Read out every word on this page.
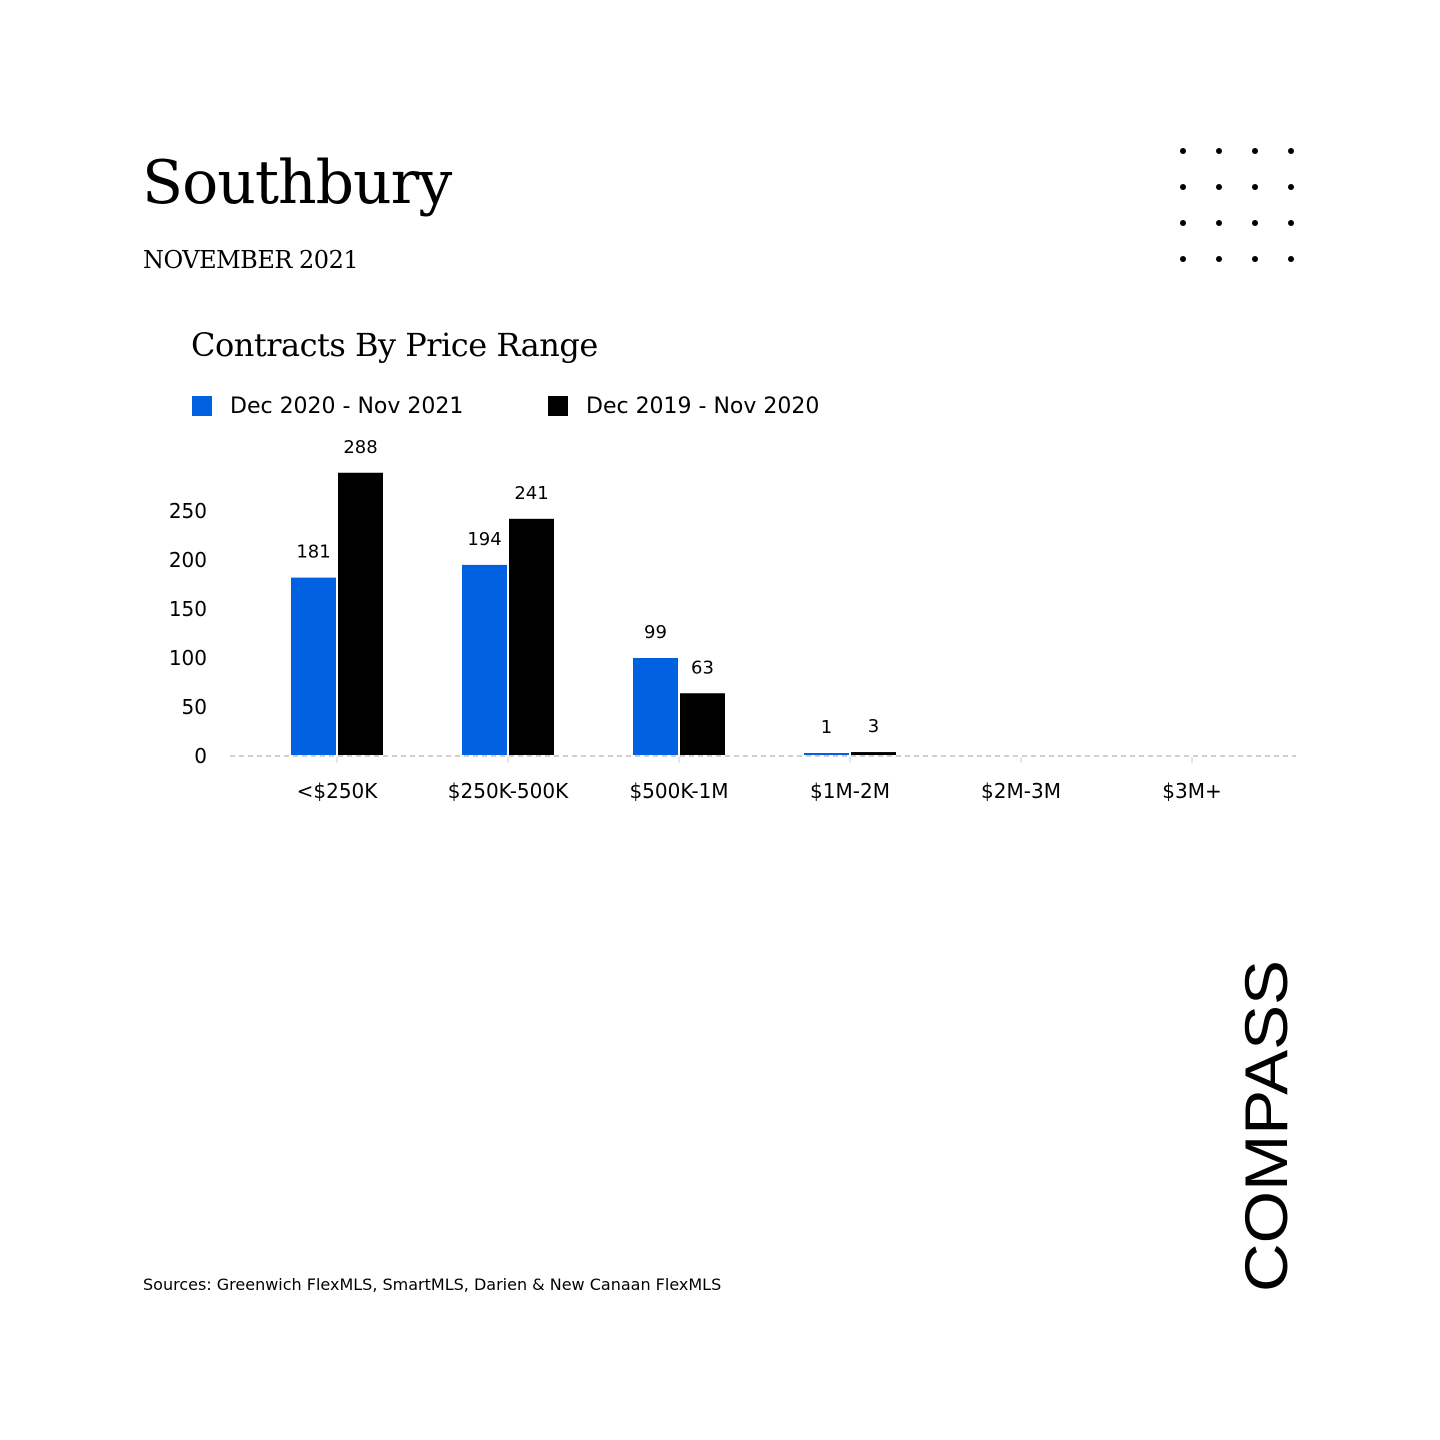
Southbury
NOVEMBER 2021
Contracts By Price Range
Dec 2020 - Nov 2021	Dec 2019 - Nov 2020
0
50
100
150
200
250
<$250K
181
288
$250K-500K
194
241
$500K-1M
99
63
$1M-2M
1 3
$2M-3M	$3M+
Sources: Greenwich FlexMLS, SmartMLS, Darien & New Canaan FlexMLS	COMPASS
